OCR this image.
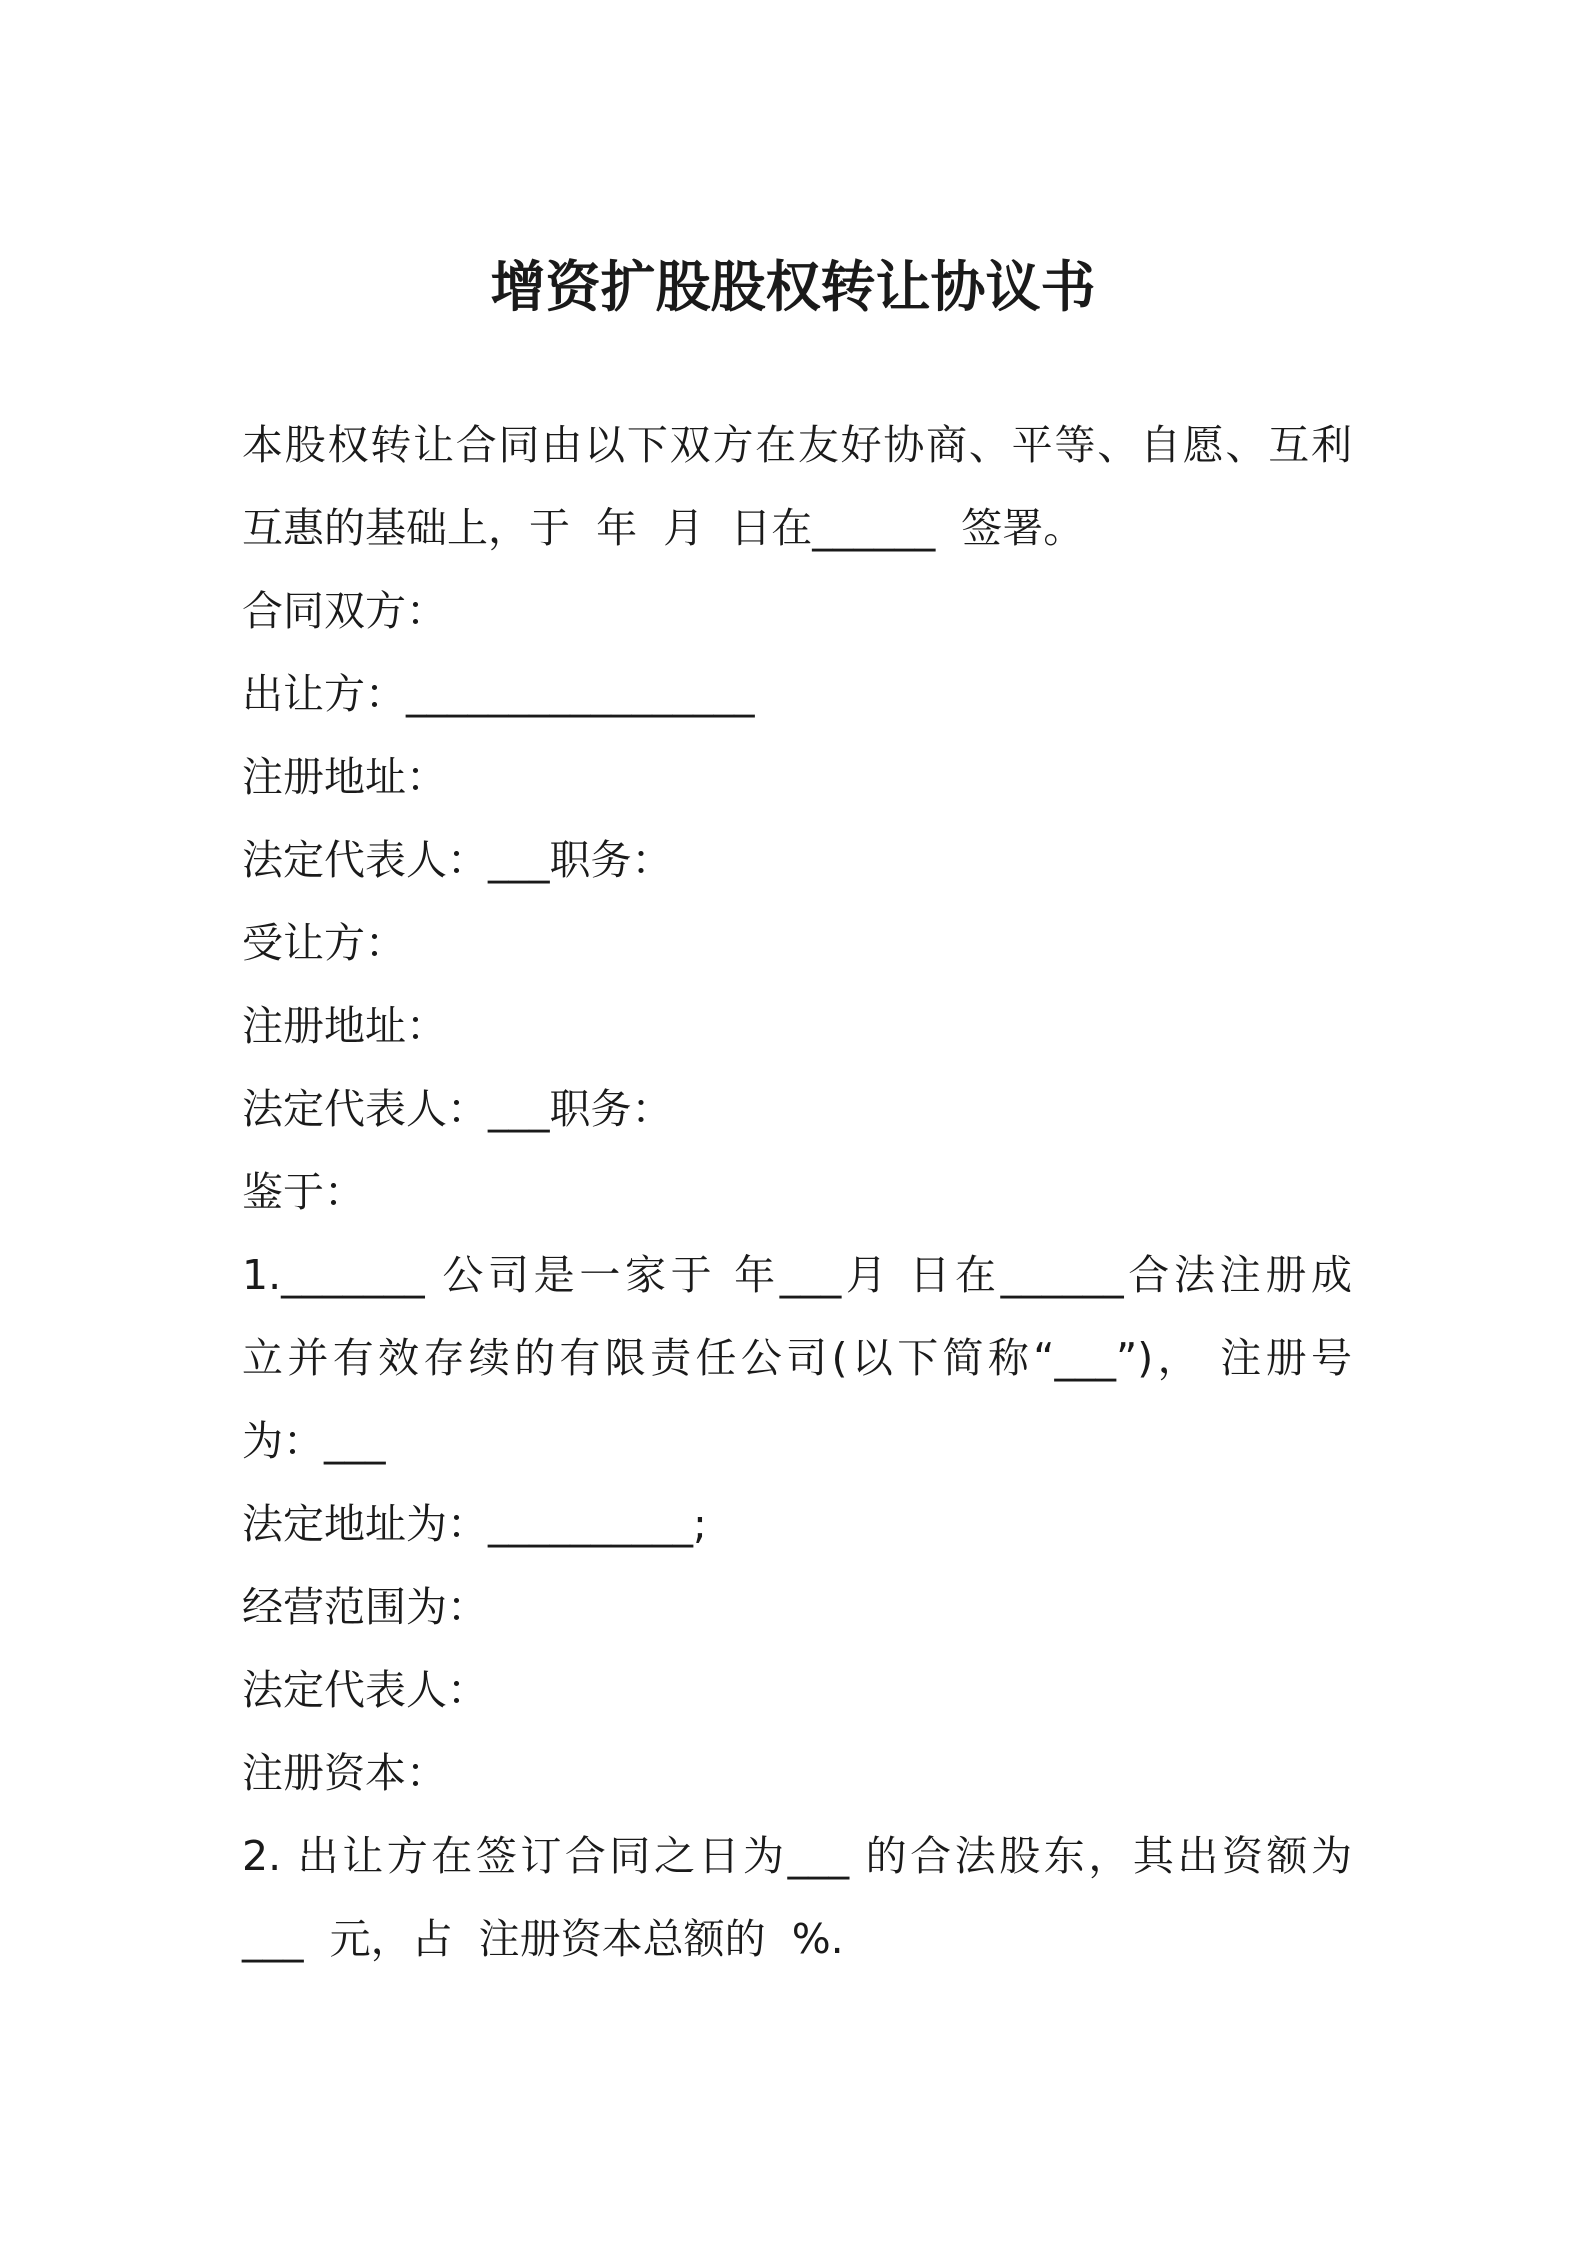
增资扩股股权转让协议书

本股权转让合同由以下双方在友好协商、平等、自愿、互利

互惠的基础上，于  年  月  日在______  签署。

合同双方：

出让方：_________________

注册地址：

法定代表人：___职务：

受让方：

注册地址：

法定代表人：___职务：

鉴于：

1._______ 公司是一家于 年___月 日在______合法注册成

立并有效存续的有限责任公司(以下简称“___”)， 注册号

为：___

法定地址为：__________;

经营范围为：

法定代表人：

注册资本：

2. 出让方在签订合同之日为___ 的合法股东，其出资额为

___  元，占  注册资本总额的  %.
